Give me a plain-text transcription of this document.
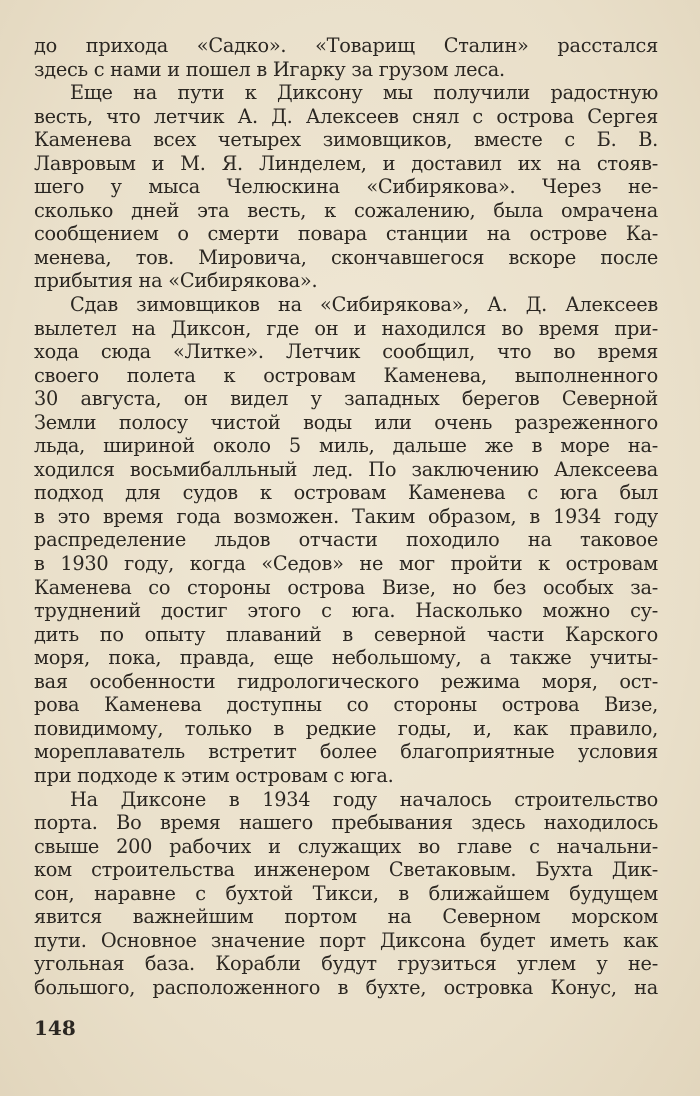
до прихода «Садко». «Товарищ Сталин» расстался
здесь с нами и пошел в Игарку за грузом леса.
Еще на пути к Диксону мы получили радостную
весть, что летчик А. Д. Алексеев снял с острова Сергея
Каменева всех четырех зимовщиков, вместе с Б. В.
Лавровым и М. Я. Линделем, и доставил их на стояв-
шего у мыса Челюскина «Сибирякова». Через не-
сколько дней эта весть, к сожалению, была омрачена
сообщением о смерти повара станции на острове Ка-
менева, тов. Мировича, скончавшегося вскоре после
прибытия на «Сибирякова».
Сдав зимовщиков на «Сибирякова», А. Д. Алексеев
вылетел на Диксон, где он и находился во время при-
хода сюда «Литке». Летчик сообщил, что во время
своего полета к островам Каменева, выполненного
30 августа, он видел у западных берегов Северной
Земли полосу чистой воды или очень разреженного
льда, шириной около 5 миль, дальше же в море на-
ходился восьмибалльный лед. По заключению Алексеева
подход для судов к островам Каменева с юга был
в это время года возможен. Таким образом, в 1934 году
распределение льдов отчасти походило на таковое
в 1930 году, когда «Седов» не мог пройти к островам
Каменева со стороны острова Визе, но без особых за-
труднений достиг этого с юга. Насколько можно су-
дить по опыту плаваний в северной части Карского
моря, пока, правда, еще небольшому, а также учиты-
вая особенности гидрологического режима моря, ост-
рова Каменева доступны со стороны острова Визе,
повидимому, только в редкие годы, и, как правило,
мореплаватель встретит более благоприятные условия
при подходе к этим островам с юга.
На Диксоне в 1934 году началось строительство
порта. Во время нашего пребывания здесь находилось
свыше 200 рабочих и служащих во главе с начальни-
ком строительства инженером Светаковым. Бухта Дик-
сон, наравне с бухтой Тикси, в ближайшем будущем
явится важнейшим портом на Северном морском
пути. Основное значение порт Диксона будет иметь как
угольная база. Корабли будут грузиться углем у не-
большого, расположенного в бухте, островка Конус, на
148
